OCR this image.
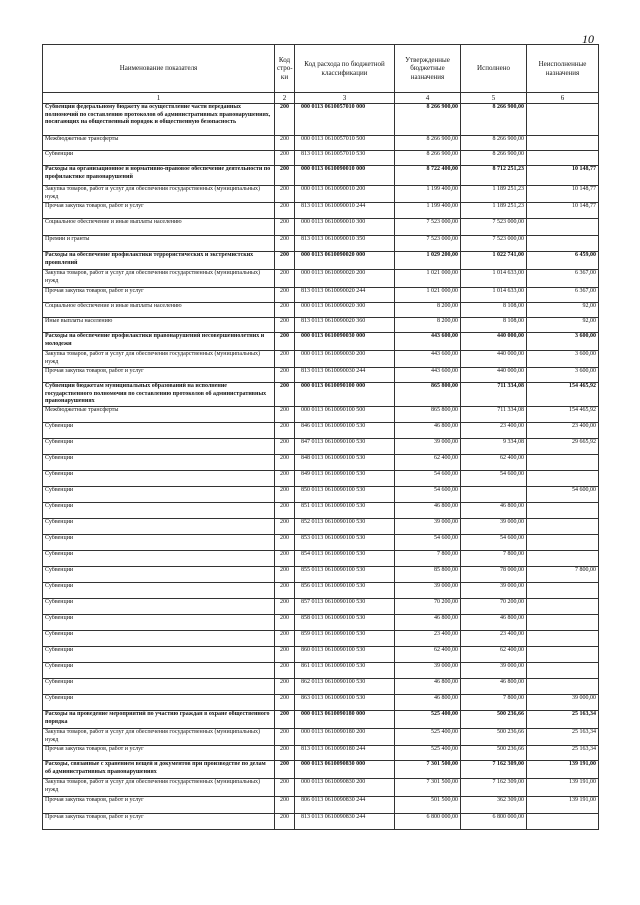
10
Наименование показателя	Код стро-ки	Код расхода по бюджетной классификации	Утвержденные бюджетные назначения	Исполнено	Неисполненные назначения
1	2	3	4	5	6
Субвенции федеральному бюджету на осуществление части переданных полномочий по составлению протоколов об административных правонарушениях, посягающих на общественный порядок и общественную безопасность	200	000 0113 0610057010 000	8 266 900,00	8 266 900,00	
Межбюджетные трансферты	200	000 0113 0610057010 500	8 266 900,00	8 266 900,00	
Субвенции	200	813 0113 0610057010 530	8 266 900,00	8 266 900,00	
Расходы на организационное и нормативно-правовое обеспечение деятельности по профилактике правонарушений	200	000 0113 0610090010 000	8 722 400,00	8 712 251,23	10 148,77
Закупка товаров, работ и услуг для обеспечения государственных (муниципальных) нужд	200	000 0113 0610090010 200	1 199 400,00	1 189 251,23	10 148,77
Прочая закупка товаров, работ и услуг	200	813 0113 0610090010 244	1 199 400,00	1 189 251,23	10 148,77
Социальное обеспечение и иные выплаты населению	200	000 0113 0610090010 300	7 523 000,00	7 523 000,00	
Премии и гранты	200	813 0113 0610090010 350	7 523 000,00	7 523 000,00	
Расходы на обеспечение профилактики террористических и экстремистских проявлений	200	000 0113 0610090020 000	1 029 200,00	1 022 741,00	6 459,00
Закупка товаров, работ и услуг для обеспечения государственных (муниципальных) нужд	200	000 0113 0610090020 200	1 021 000,00	1 014 633,00	6 367,00
Прочая закупка товаров, работ и услуг	200	813 0113 0610090020 244	1 021 000,00	1 014 633,00	6 367,00
Социальное обеспечение и иные выплаты населению	200	000 0113 0610090020 300	8 200,00	8 108,00	92,00
Иные выплаты населению	200	813 0113 0610090020 360	8 200,00	8 108,00	92,00
Расходы на обеспечение профилактики правонарушений несовершеннолетних и молодежи	200	000 0113 0610090030 000	443 600,00	440 000,00	3 600,00
Закупка товаров, работ и услуг для обеспечения государственных (муниципальных) нужд	200	000 0113 0610090030 200	443 600,00	440 000,00	3 600,00
Прочая закупка товаров, работ и услуг	200	813 0113 0610090030 244	443 600,00	440 000,00	3 600,00
Субвенции бюджетам муниципальных образований на исполнение государственного полномочия по составлению протоколов об административных правонарушениях	200	000 0113 0610090100 000	865 800,00	711 334,08	154 465,92
Межбюджетные трансферты	200	000 0113 0610090100 500	865 800,00	711 334,08	154 465,92
Субвенции	200	846 0113 0610090100 530	46 800,00	23 400,00	23 400,00
Субвенции	200	847 0113 0610090100 530	39 000,00	9 334,08	29 665,92
Субвенции	200	848 0113 0610090100 530	62 400,00	62 400,00	
Субвенции	200	849 0113 0610090100 530	54 600,00	54 600,00	
Субвенции	200	850 0113 0610090100 530	54 600,00		54 600,00
Субвенции	200	851 0113 0610090100 530	46 800,00	46 800,00	
Субвенции	200	852 0113 0610090100 530	39 000,00	39 000,00	
Субвенции	200	853 0113 0610090100 530	54 600,00	54 600,00	
Субвенции	200	854 0113 0610090100 530	7 800,00	7 800,00	
Субвенции	200	855 0113 0610090100 530	85 800,00	78 000,00	7 800,00
Субвенции	200	856 0113 0610090100 530	39 000,00	39 000,00	
Субвенции	200	857 0113 0610090100 530	70 200,00	70 200,00	
Субвенции	200	858 0113 0610090100 530	46 800,00	46 800,00	
Субвенции	200	859 0113 0610090100 530	23 400,00	23 400,00	
Субвенции	200	860 0113 0610090100 530	62 400,00	62 400,00	
Субвенции	200	861 0113 0610090100 530	39 000,00	39 000,00	
Субвенции	200	862 0113 0610090100 530	46 800,00	46 800,00	
Субвенции	200	863 0113 0610090100 530	46 800,00	7 800,00	39 000,00
Расходы на проведение мероприятий по участию граждан в охране общественного порядка	200	000 0113 0610090180 000	525 400,00	500 236,66	25 163,34
Закупка товаров, работ и услуг для обеспечения государственных (муниципальных) нужд	200	000 0113 0610090180 200	525 400,00	500 236,66	25 163,34
Прочая закупка товаров, работ и услуг	200	813 0113 0610090180 244	525 400,00	500 236,66	25 163,34
Расходы, связанные с хранением вещей и документов при производстве по делам об административных правонарушениях	200	000 0113 0610090830 000	7 301 500,00	7 162 309,00	139 191,00
Закупка товаров, работ и услуг для обеспечения государственных (муниципальных) нужд	200	000 0113 0610090830 200	7 301 500,00	7 162 309,00	139 191,00
Прочая закупка товаров, работ и услуг	200	806 0113 0610090830 244	501 500,00	362 309,00	139 191,00
Прочая закупка товаров, работ и услуг	200	813 0113 0610090830 244	6 800 000,00	6 800 000,00	
